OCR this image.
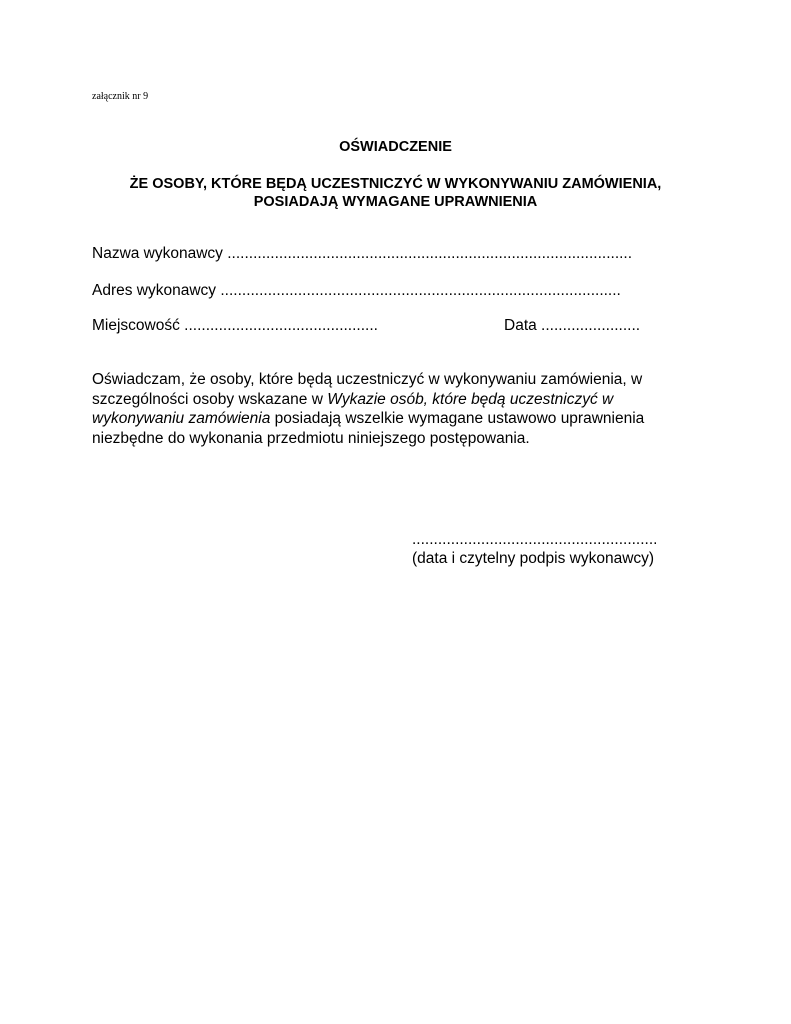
załącznik nr 9
OŚWIADCZENIE
ŻE OSOBY, KTÓRE BĘDĄ UCZESTNICZYĆ W WYKONYWANIU ZAMÓWIENIA,
POSIADAJĄ WYMAGANE UPRAWNIENIA
Nazwa wykonawcy ..............................................................................................
Adres wykonawcy .............................................................................................
Miejscowość .............................................	Data .......................
Oświadczam, że osoby, które będą uczestniczyć w wykonywaniu zamówienia, w
szczególności osoby wskazane w Wykazie osób, które będą uczestniczyć w
wykonywaniu zamówienia posiadają wszelkie wymagane ustawowo uprawnienia
niezbędne do wykonania przedmiotu niniejszego postępowania.
.........................................................
(data i czytelny podpis wykonawcy)
